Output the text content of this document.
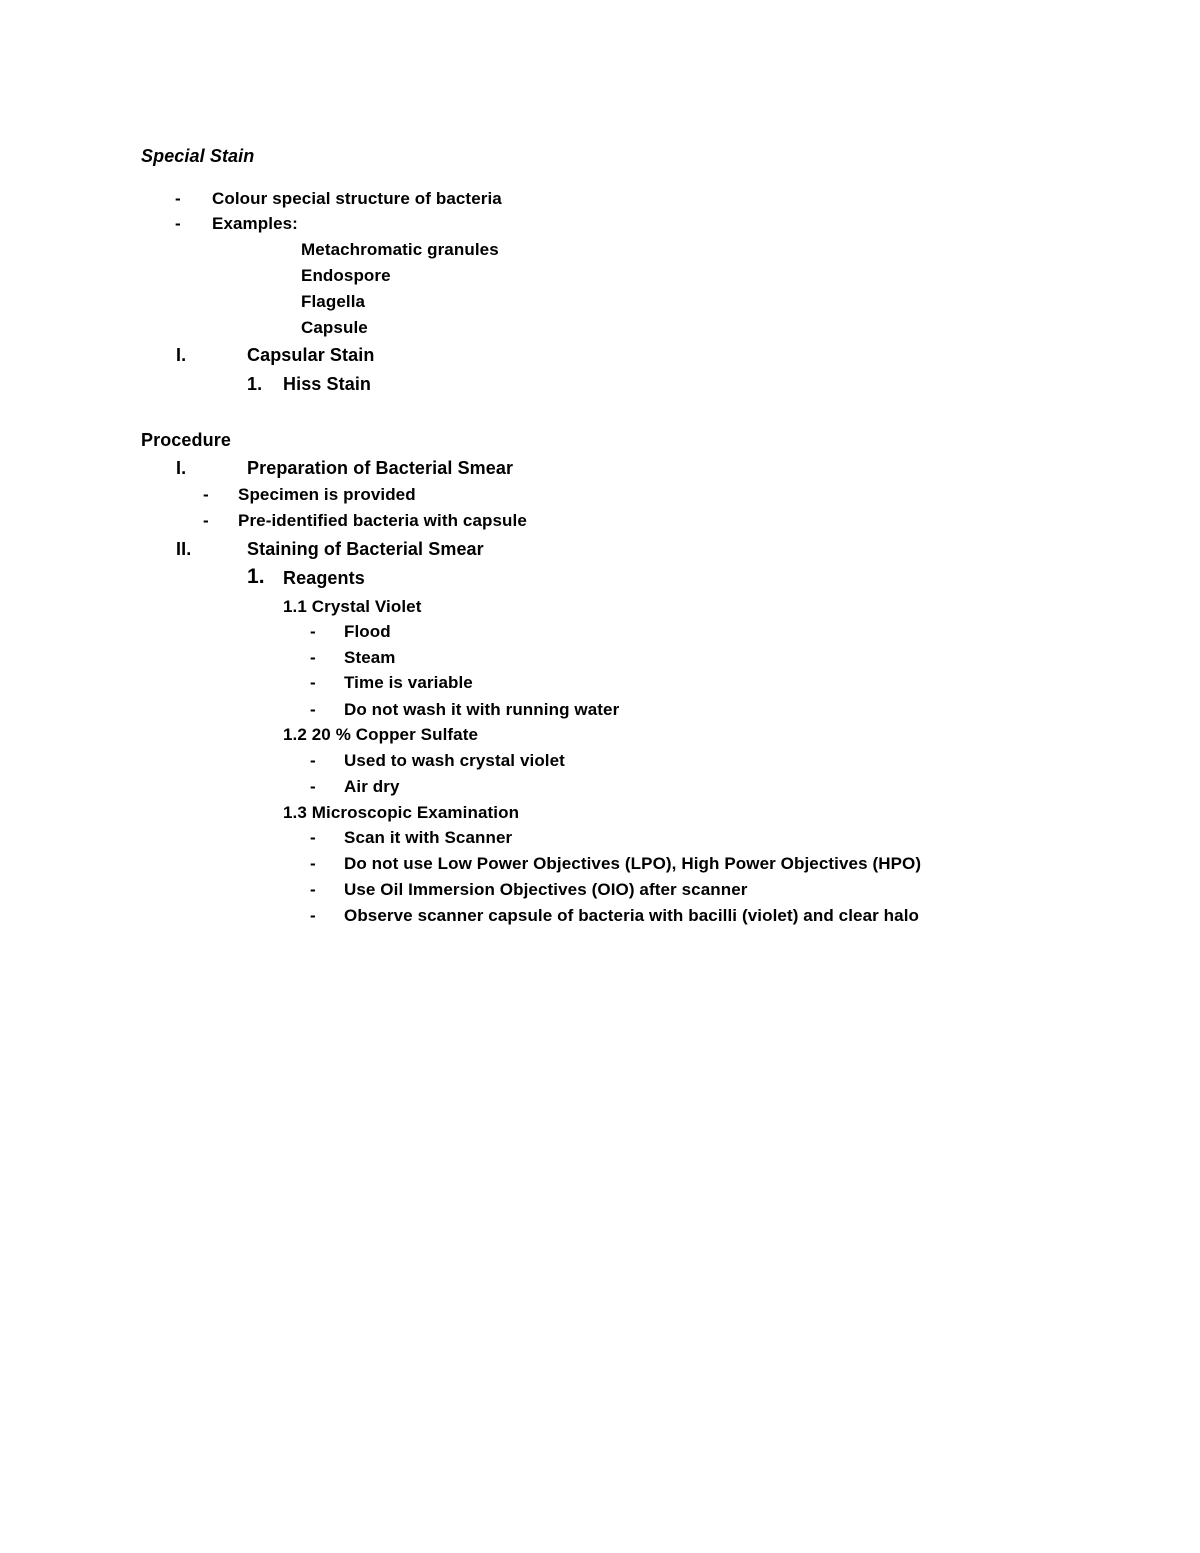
Special Stain
- Colour special structure of bacteria
- Examples:
Metachromatic granules
Endospore
Flagella
Capsule
I.	Capsular Stain
1. Hiss Stain
Procedure
I.	Preparation of Bacterial Smear
- Specimen is provided
- Pre-identified bacteria with capsule
II.	Staining of Bacterial Smear
1. Reagents
1.1 Crystal Violet
- Flood
- Steam
- Time is variable
- Do not wash it with running water
1.2 20 % Copper Sulfate
- Used to wash crystal violet
- Air dry
1.3 Microscopic Examination
- Scan it with Scanner
- Do not use Low Power Objectives (LPO), High Power Objectives (HPO)
- Use Oil Immersion Objectives (OIO) after scanner
- Observe scanner capsule of bacteria with bacilli (violet) and clear halo
